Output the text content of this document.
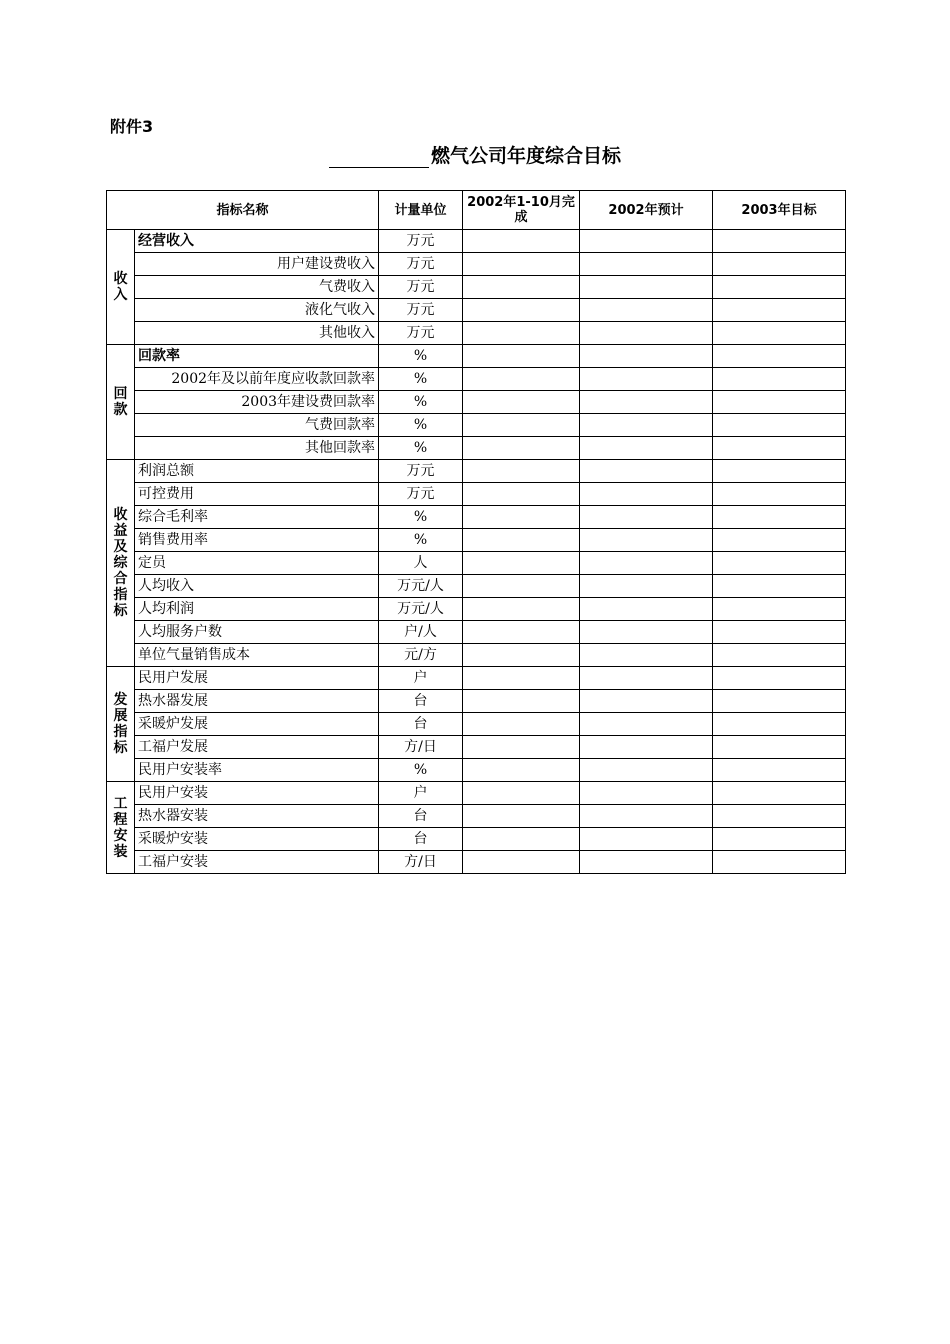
附件3
燃气公司年度综合目标
指标名称		计量单位	2002年1-10月完成	2002年预计	2003年目标
收入	经营收入	万元			
	用户建设费收入	万元			
	气费收入	万元			
	液化气收入	万元			
	其他收入	万元			
回款	回款率	%			
	2002年及以前年度应收款回款率	%			
	2003年建设费回款率	%			
	气费回款率	%			
	其他回款率	%			
收益及综合指标	利润总额	万元			
	可控费用	万元			
	综合毛利率	%			
	销售费用率	%			
	定员	人			
	人均收入	万元/人			
	人均利润	万元/人			
	人均服务户数	户/人			
	单位气量销售成本	元/方			
发展指标	民用户发展	户			
	热水器发展	台			
	采暖炉发展	台			
	工福户发展	方/日			
	民用户安装率	%			
工程安装	民用户安装	户			
	热水器安装	台			
	采暖炉安装	台			
	工福户安装	方/日			
